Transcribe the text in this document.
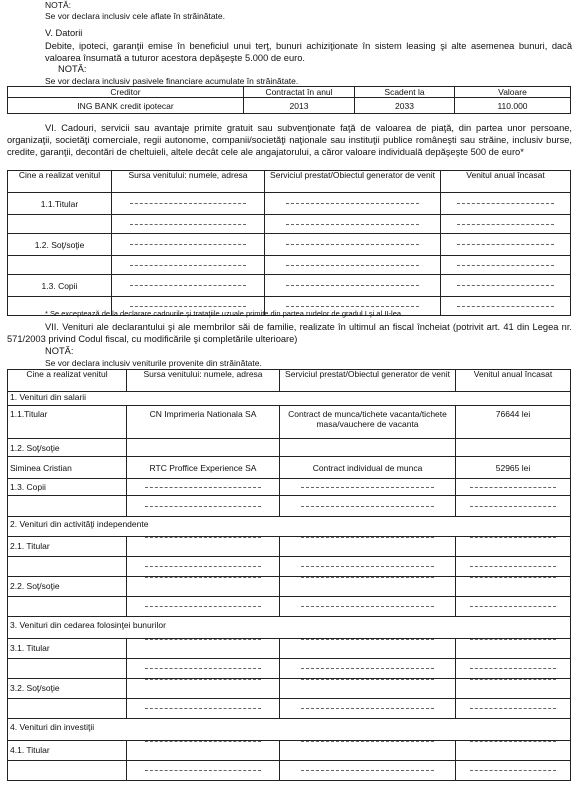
NOTĂ:
Se vor declara inclusiv cele aflate în străinătate.
V. Datorii
Debite, ipoteci, garanţii emise în beneficiul unui terţ, bunuri achiziţionate în sistem leasing şi alte asemenea bunuri, dacă valoarea însumată a tuturor acestora depăşeşte 5.000 de euro.
NOTĂ:
Se vor declara inclusiv pasivele financiare acumulate în străinătate.
Creditor	Contractat în anul	Scadent la	Valoare
ING BANK credit ipotecar	2013	2033	110.000
VI. Cadouri, servicii sau avantaje primite gratuit sau subvenţionate faţă de valoarea de piaţă, din partea unor persoane, organizaţii, societăţi comerciale, regii autonome, companii/societăţi naţionale sau instituţii publice româneşti sau străine, inclusiv burse, credite, garanţii, decontări de cheltuieli, altele decât cele ale angajatorului, a căror valoare individuală depăşeşte 500 de euro*
Cine a realizat venitul	Sursa venitului: numele, adresa	Serviciul prestat/Obiectul generator de venit	Venitul anual încasat
1.1.Titular	

1.2. Soţ/soţie	

1.3. Copii	

* Se exceptează de la declarare cadourile şi trataţiile uzuale primite din partea rudelor de gradul I şi al II-lea.
VII. Venituri ale declarantului şi ale membrilor săi de familie, realizate în ultimul an fiscal încheiat (potrivit art. 41 din Legea nr. 571/2003 privind Codul fiscal, cu modificările şi completările ulterioare)
NOTĂ:
Se vor declara inclusiv veniturile provenite din străinătate.
Cine a realizat venitul	Sursa venitului: numele, adresa	Serviciul prestat/Obiectul generator de venit	Venitul anual încasat
1. Venituri din salarii			
1.1.Titular	CN Imprimeria Nationala SA	Contract de munca/tichete vacanta/tichete masa/vauchere de vacanta	76644 lei
1.2. Soţ/soţie			
Siminea Cristian	RTC Proffice Experience SA	Contract individual de munca	52965 lei
1.3. Copii	

2. Venituri din activităţi independente			
2.1. Titular	

2.2. Soţ/soţie	

3. Venituri din cedarea folosinţei bunurilor			
3.1. Titular	

3.2. Soţ/soţie	

4. Venituri din investiţii			
4.1. Titular	
